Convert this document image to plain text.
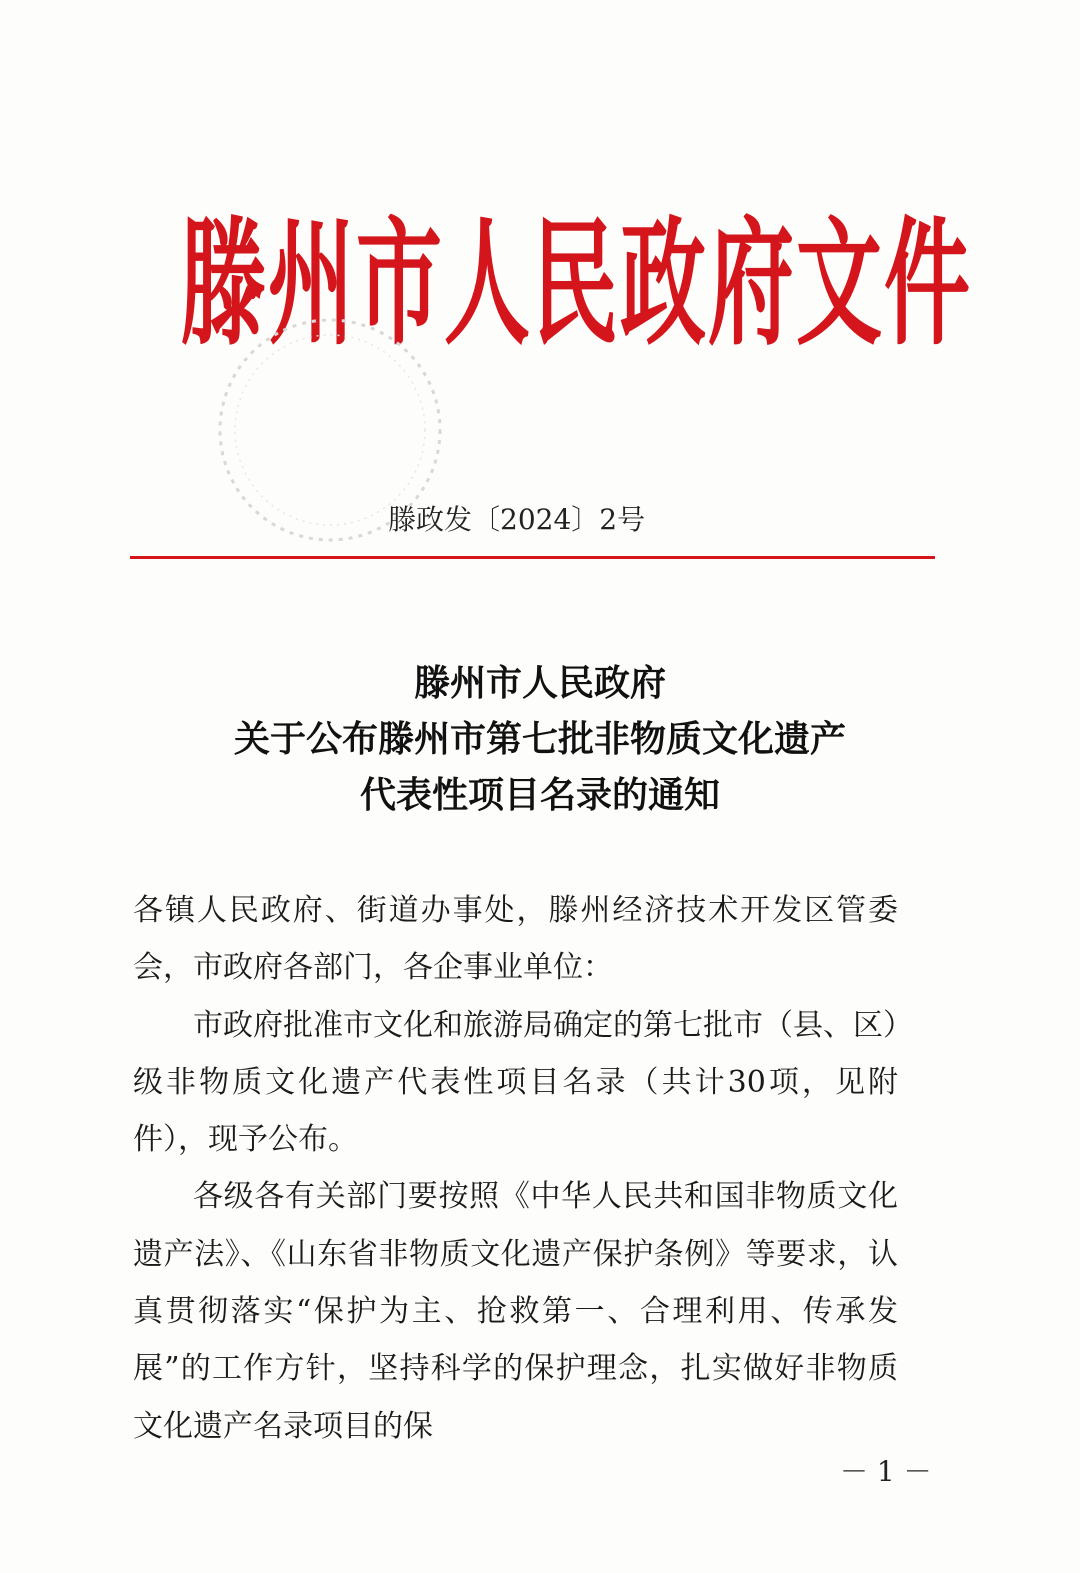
滕州市人民政府文件
滕政发〔2024〕2号
滕州市人民政府
关于公布滕州市第七批非物质文化遗产
代表性项目名录的通知

各镇人民政府、街道办事处，滕州经济技术开发区管委会，市政府各部门，各企事业单位：

市政府批准市文化和旅游局确定的第七批市（县、区）级非物质文化遗产代表性项目名录（共计30项，见附件），现予公布。

各级各有关部门要按照《中华人民共和国非物质文化遗产法》、《山东省非物质文化遗产保护条例》等要求，认真贯彻落实“保护为主、抢救第一、合理利用、传承发展”的工作方针，坚持科学的保护理念，扎实做好非物质文化遗产名录项目的保

－ 1 －
